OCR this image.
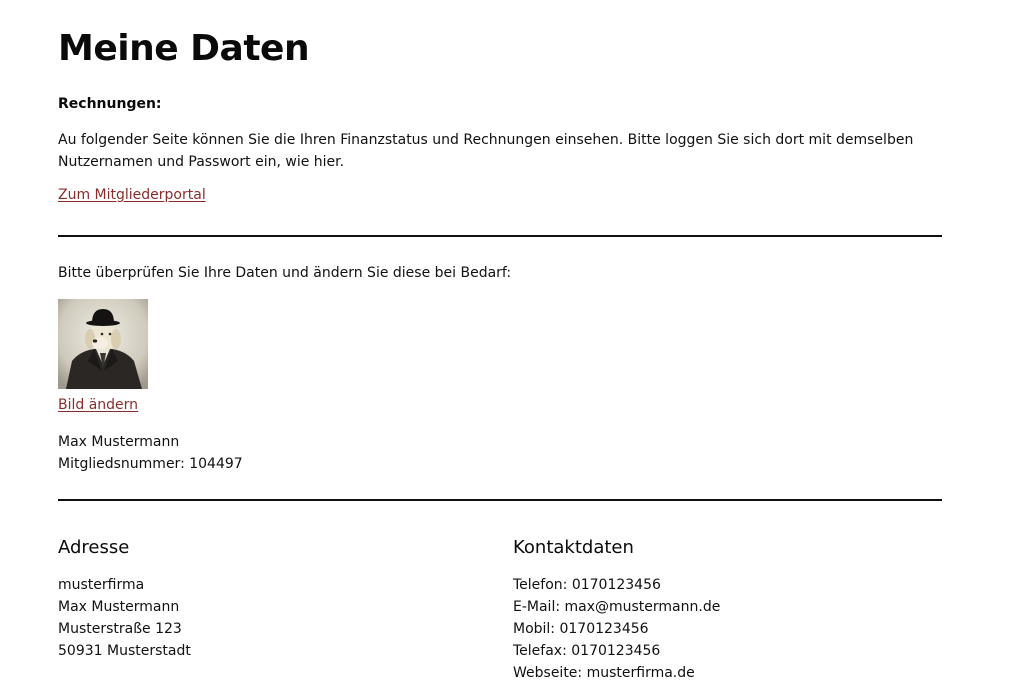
Meine Daten
Rechnungen:

Au folgender Seite können Sie die Ihren Finanzstatus und Rechnungen einsehen. Bitte loggen Sie sich dort mit demselben Nutzernamen und Passwort ein, wie hier.

Zum Mitgliederportal
Bitte überprüfen Sie Ihre Daten und ändern Sie diese bei Bedarf:
Bild ändern
Max Mustermann
Mitgliedsnummer: 104497
Adresse
musterfirma
Max Mustermann
Musterstraße 123
50931 Musterstadt
Kontaktdaten
Telefon: 0170123456
E-Mail: max@mustermann.de
Mobil: 0170123456
Telefax: 0170123456
Webseite: musterfirma.de
